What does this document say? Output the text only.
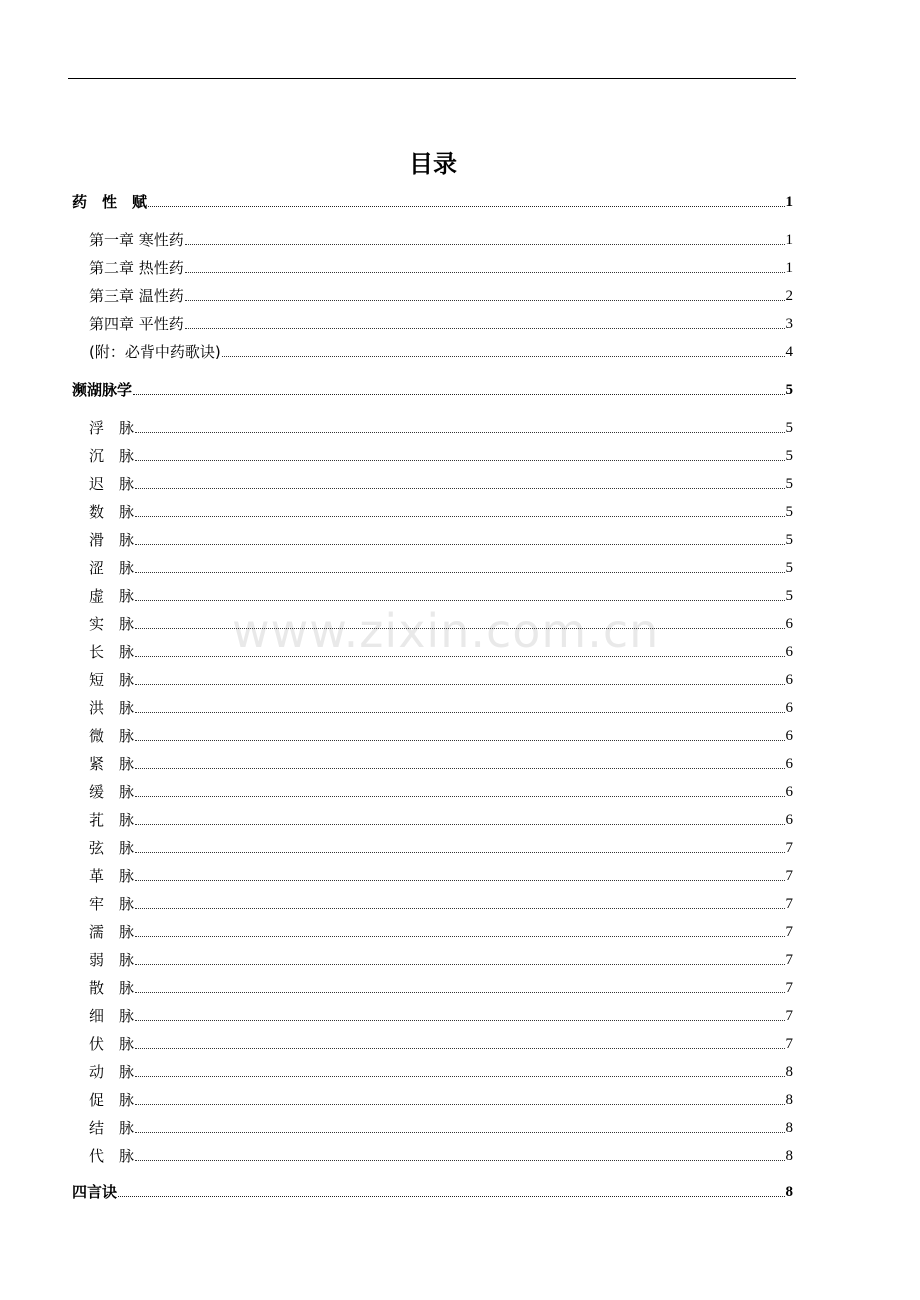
目录
www.zixin.com.cn
药　性　赋	1
第一章 寒性药	1
第二章 热性药	1
第三章 温性药	2
第四章 平性药	3
(附：必背中药歌诀)	4
濒湖脉学	5
浮　脉	5
沉　脉	5
迟　脉	5
数　脉	5
滑　脉	5
涩　脉	5
虚　脉	5
实　脉	6
长　脉	6
短　脉	6
洪　脉	6
微　脉	6
紧　脉	6
缓　脉	6
芤　脉	6
弦　脉	7
革　脉	7
牢　脉	7
濡　脉	7
弱　脉	7
散　脉	7
细　脉	7
伏　脉	7
动　脉	8
促　脉	8
结　脉	8
代　脉	8
四言诀	8
